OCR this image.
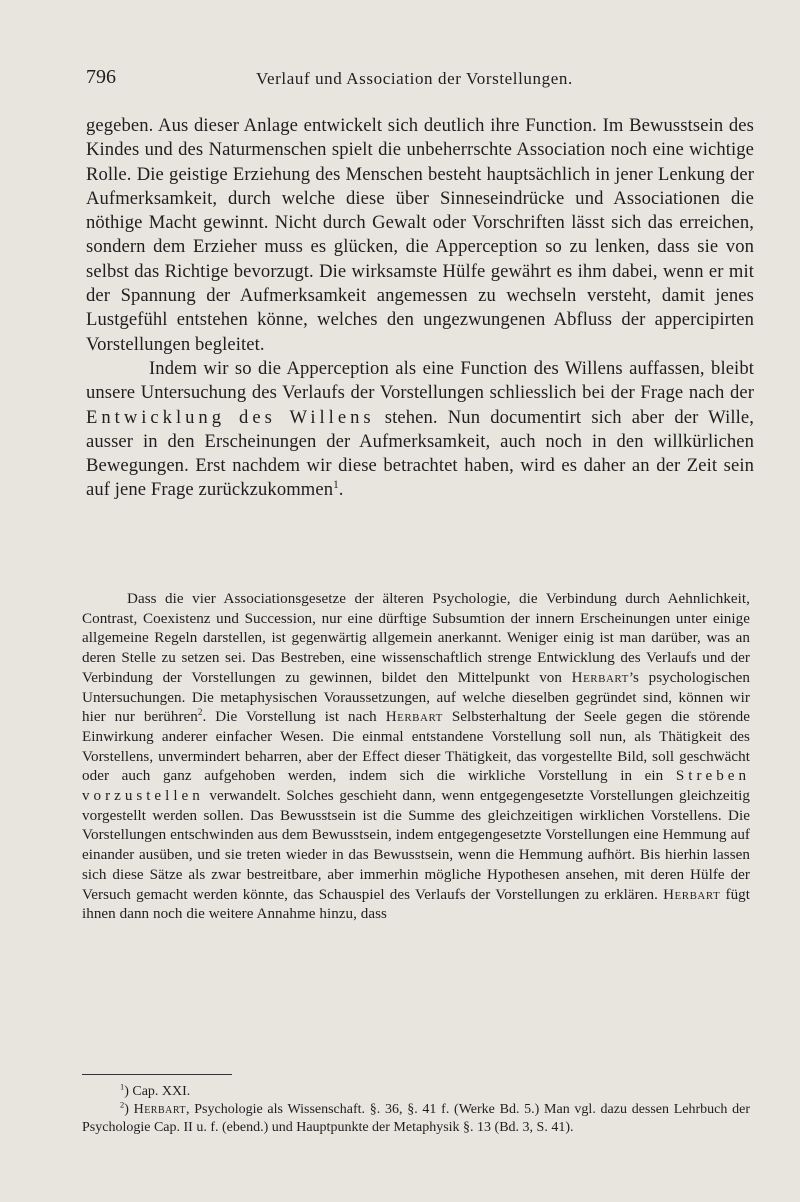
796	Verlauf und Association der Vorstellungen.

gegeben. Aus dieser Anlage entwickelt sich deutlich ihre Function. Im Bewusstsein des Kindes und des Naturmenschen spielt die unbeherrschte Association noch eine wichtige Rolle. Die geistige Erziehung des Menschen besteht hauptsächlich in jener Lenkung der Aufmerksamkeit, durch welche diese über Sinneseindrücke und Associationen die nöthige Macht gewinnt. Nicht durch Gewalt oder Vorschriften lässt sich das erreichen, sondern dem Erzieher muss es glücken, die Apperception so zu lenken, dass sie von selbst das Richtige bevorzugt. Die wirksamste Hülfe gewährt es ihm dabei, wenn er mit der Spannung der Aufmerksamkeit angemessen zu wechseln versteht, damit jenes Lustgefühl entstehen könne, welches den ungezwungenen Abfluss der appercipirten Vorstellungen begleitet.

Indem wir so die Apperception als eine Function des Willens auffassen, bleibt unsere Untersuchung des Verlaufs der Vorstellungen schliesslich bei der Frage nach der Entwicklung des Willens stehen. Nun documentirt sich aber der Wille, ausser in den Erscheinungen der Aufmerksamkeit, auch noch in den willkürlichen Bewegungen. Erst nachdem wir diese betrachtet haben, wird es daher an der Zeit sein auf jene Frage zurückzukommen$^1$.

Dass die vier Associationsgesetze der älteren Psychologie, die Verbindung durch Aehnlichkeit, Contrast, Coexistenz und Succession, nur eine dürftige Subsumtion der innern Erscheinungen unter einige allgemeine Regeln darstellen, ist gegenwärtig allgemein anerkannt. Weniger einig ist man darüber, was an deren Stelle zu setzen sei. Das Bestreben, eine wissenschaftlich strenge Entwicklung des Verlaufs und der Verbindung der Vorstellungen zu gewinnen, bildet den Mittelpunkt von Herbart’s psychologischen Untersuchungen. Die metaphysischen Voraussetzungen, auf welche dieselben gegründet sind, können wir hier nur berühren$^2$. Die Vorstellung ist nach Herbart Selbsterhaltung der Seele gegen die störende Einwirkung anderer einfacher Wesen. Die einmal entstandene Vorstellung soll nun, als Thätigkeit des Vorstellens, unvermindert beharren, aber der Effect dieser Thätigkeit, das vorgestellte Bild, soll geschwächt oder auch ganz aufgehoben werden, indem sich die wirkliche Vorstellung in ein Streben vorzustellen verwandelt. Solches geschieht dann, wenn entgegengesetzte Vorstellungen gleichzeitig vorgestellt werden sollen. Das Bewusstsein ist die Summe des gleichzeitigen wirklichen Vorstellens. Die Vorstellungen entschwinden aus dem Bewusstsein, indem entgegengesetzte Vorstellungen eine Hemmung auf einander ausüben, und sie treten wieder in das Bewusstsein, wenn die Hemmung aufhört. Bis hierhin lassen sich diese Sätze als zwar bestreitbare, aber immerhin mögliche Hypothesen ansehen, mit deren Hülfe der Versuch gemacht werden könnte, das Schauspiel des Verlaufs der Vorstellungen zu erklären. Herbart fügt ihnen dann noch die weitere Annahme hinzu, dass

$^1$) Cap. XXI.

$^2$) Herbart, Psychologie als Wissenschaft. §. 36, §. 41 f. (Werke Bd. 5.) Man vgl. dazu dessen Lehrbuch der Psychologie Cap. II u. f. (ebend.) und Hauptpunkte der Metaphysik §. 13 (Bd. 3, S. 41).
